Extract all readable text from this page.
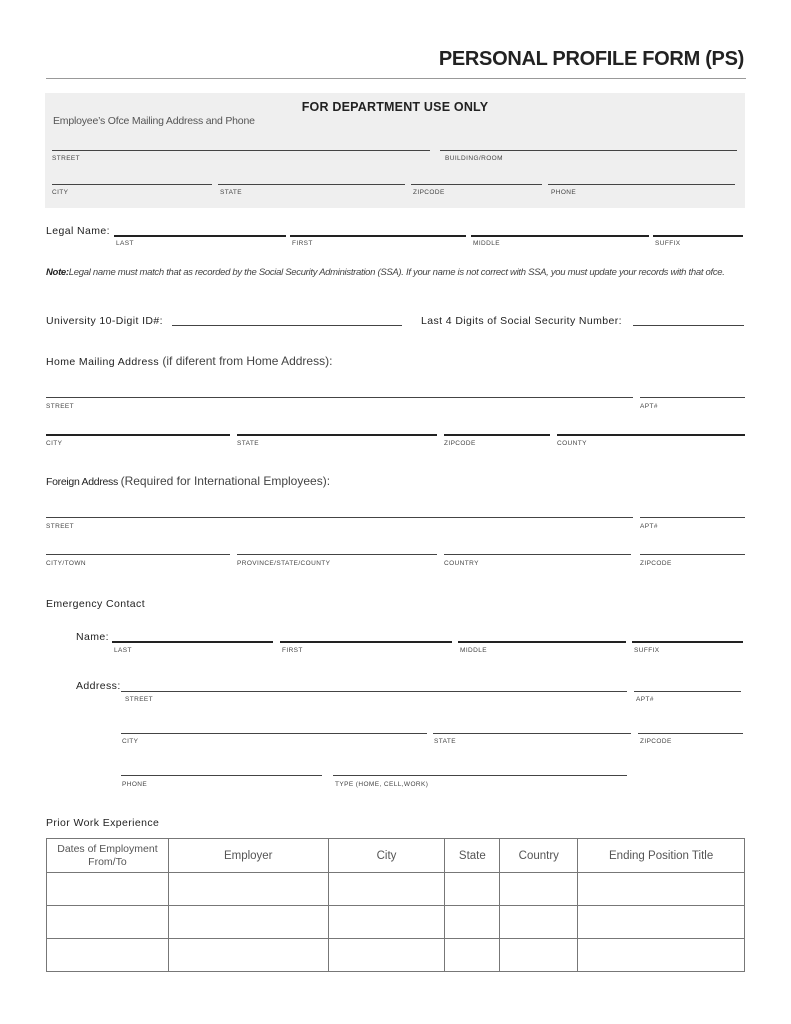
PERSONAL PROFILE FORM (PS)
FOR DEPARTMENT USE ONLY
Employee’s Ofce Mailing Address and Phone
STREET	BUILDING/ROOM
CITY	STATE	ZIPCODE	PHONE
Legal Name:
LAST	FIRST	MIDDLE	SUFFIX
Note:Legal name must match that as recorded by the Social Security Administration (SSA). If your name is not correct with SSA, you must update your records with that ofce.
University 10-Digit ID#:	Last 4 Digits of Social Security Number:
Home Mailing Address (if diferent from Home Address):
STREET	APT#
CITY	STATE	ZIPCODE	COUNTY
Foreign Address (Required for International Employees):
STREET	APT#
CITY/TOWN	PROVINCE/STATE/COUNTY	COUNTRY	ZIPCODE
Emergency Contact
Name:
LAST	FIRST	MIDDLE	SUFFIX
Address:
STREET	APT#
CITY	STATE	ZIPCODE
PHONE	TYPE (HOME, CELL,WORK)
Prior Work Experience
Dates of Employment From/To	Employer	City	State	Country	Ending Position Title
